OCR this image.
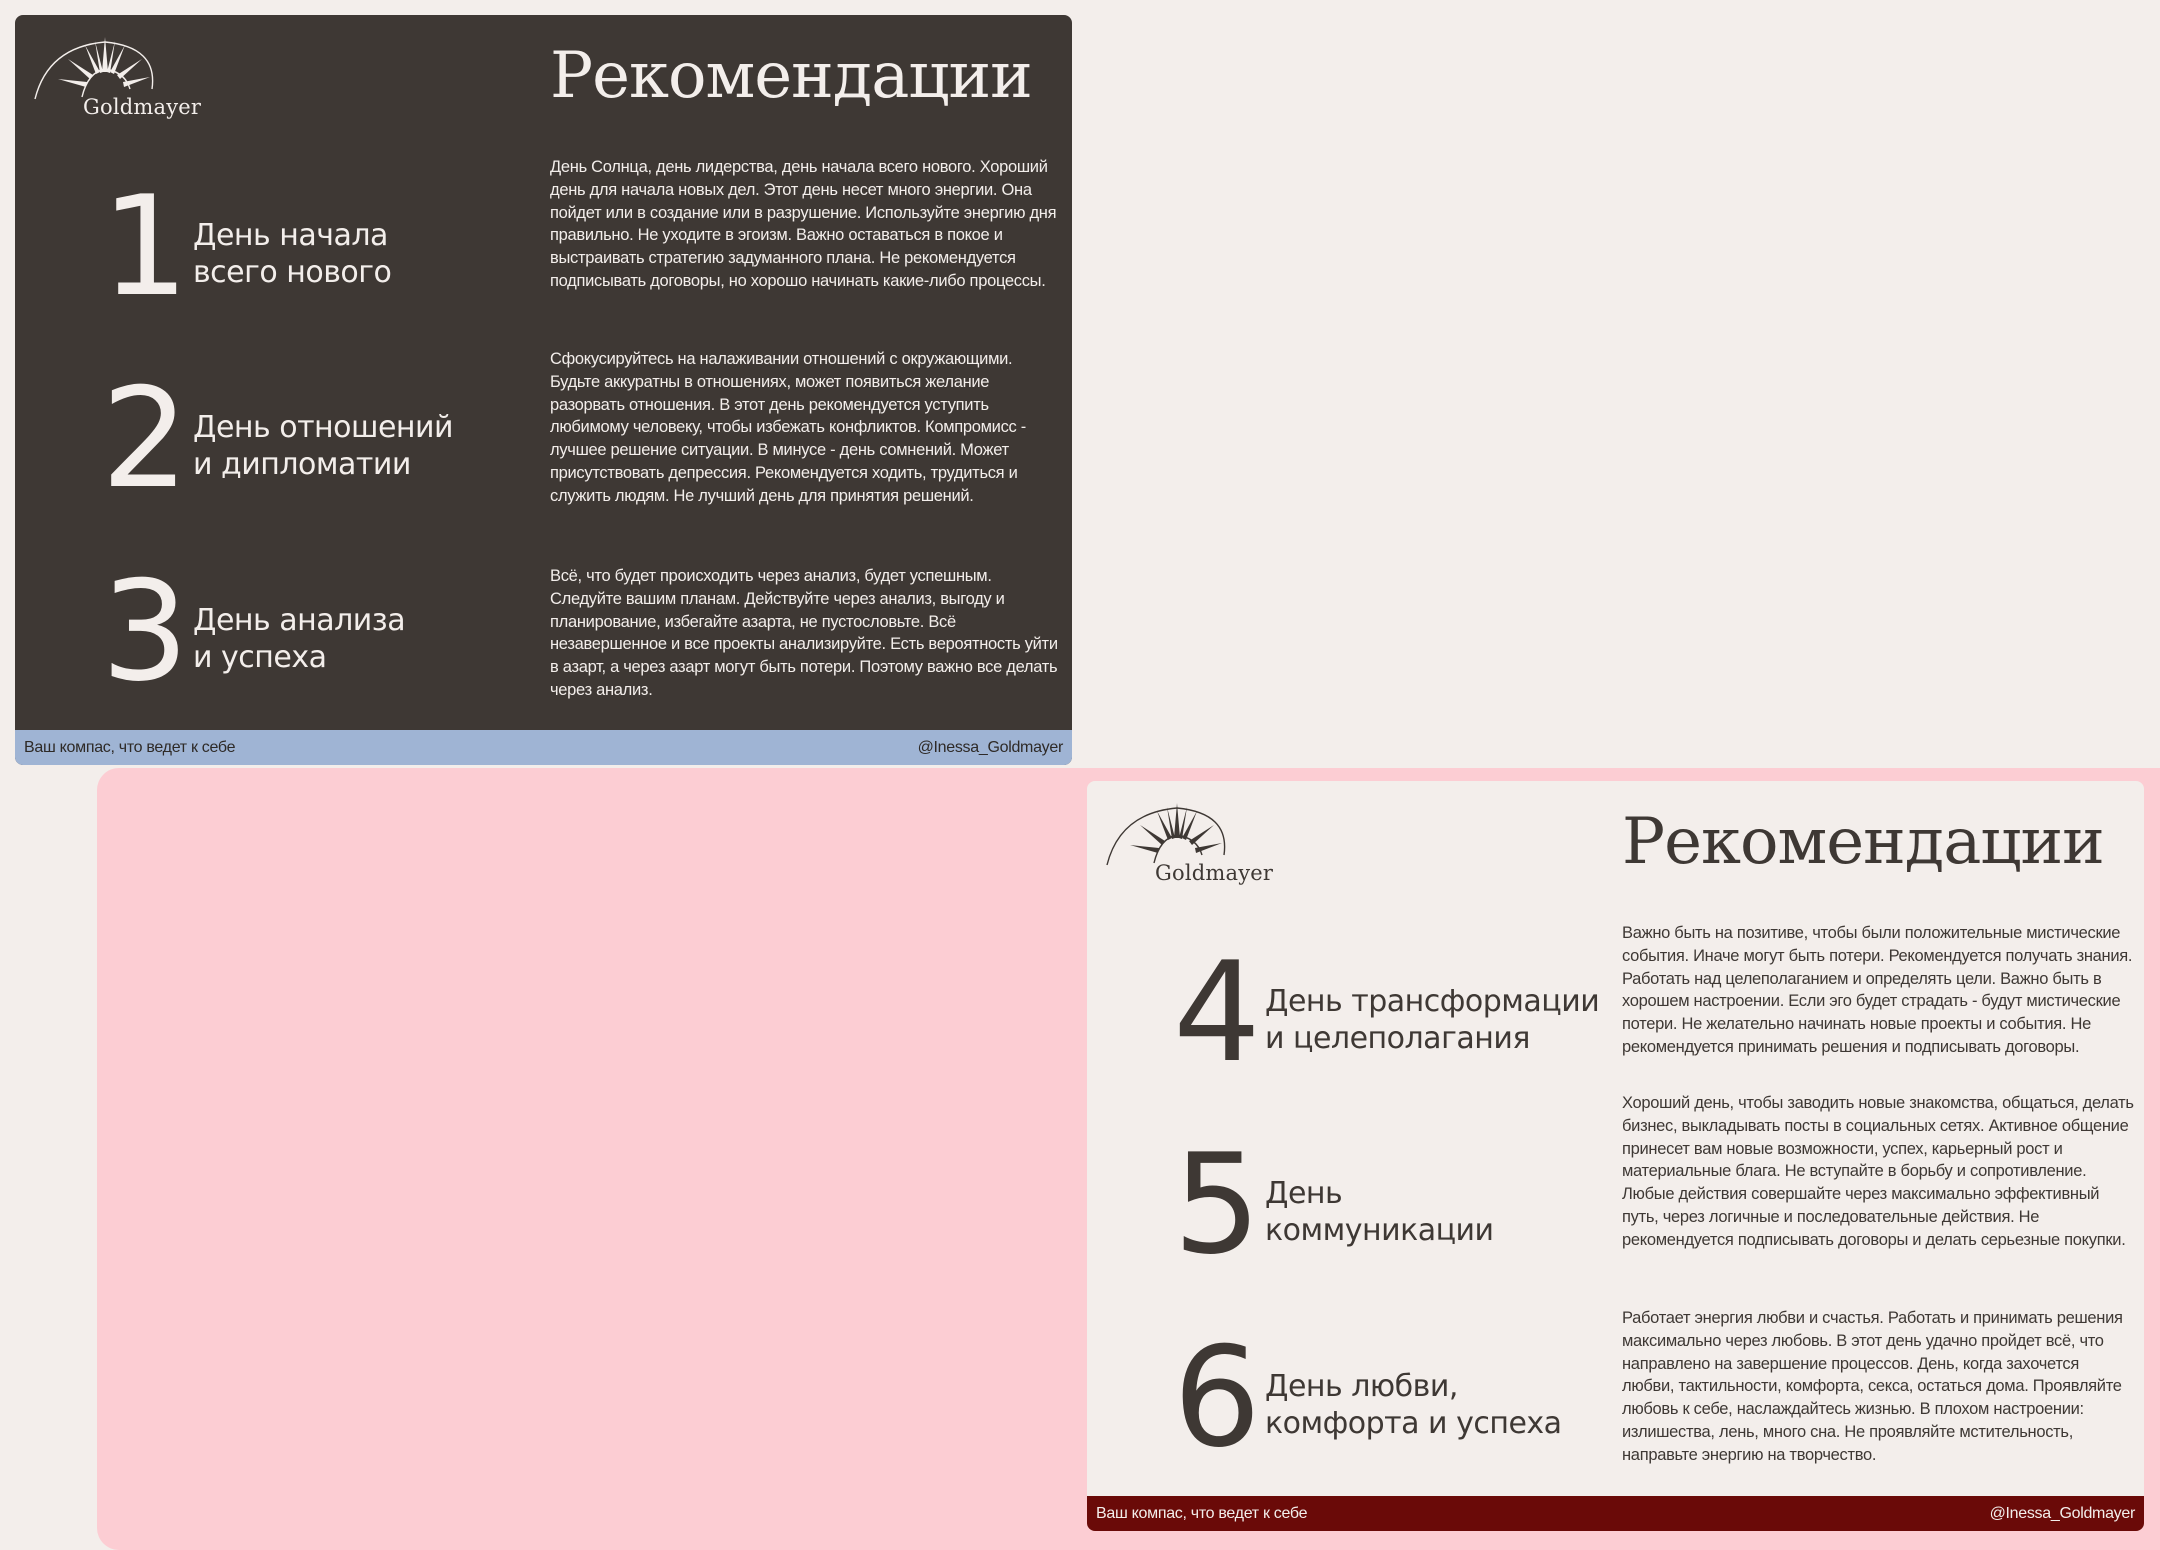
Goldmayer	Рекомендации
1 День начала
всего нового
День Солнца, день лидерства, день начала всего нового. Хороший день для начала новых дел. Этот день несет много энергии. Она пойдет или в создание или в разрушение. Используйте энергию дня правильно. Не уходите в эгоизм. Важно оставаться в покое и выстраивать стратегию задуманного плана. Не рекомендуется подписывать договоры, но хорошо начинать какие-либо процессы.
2 День отношений
и дипломатии
Сфокусируйтесь на налаживании отношений с окружающими. Будьте аккуратны в отношениях, может появиться желание разорвать отношения. В этот день рекомендуется уступить любимому человеку, чтобы избежать конфликтов. Компромисс - лучшее решение ситуации. В минусе - день сомнений. Может присутствовать депрессия. Рекомендуется ходить, трудиться и служить людям. Не лучший день для принятия решений.
3 День анализа
и успеха
Всё, что будет происходить через анализ, будет успешным. Следуйте вашим планам. Действуйте через анализ, выгоду и планирование, избегайте азарта, не пустословьте. Всё незавершенное и все проекты анализируйте. Есть вероятность уйти в азарт, а через азарт могут быть потери. Поэтому важно все делать через анализ.
Ваш компас, что ведет к себе	@Inessa_Goldmayer
Goldmayer	Рекомендации
4 День трансформации
и целеполагания
Важно быть на позитиве, чтобы были положительные мистические события. Иначе могут быть потери. Рекомендуется получать знания. Работать над целеполаганием и определять цели. Важно быть в хорошем настроении. Если эго будет страдать - будут мистические потери. Не желательно начинать новые проекты и события. Не рекомендуется принимать решения и подписывать договоры.
5 День
коммуникации
Хороший день, чтобы заводить новые знакомства, общаться, делать бизнес, выкладывать посты в социальных сетях. Активное общение принесет вам новые возможности, успех, карьерный рост и материальные блага. Не вступайте в борьбу и сопротивление. Любые действия совершайте через максимально эффективный путь, через логичные и последовательные действия. Не рекомендуется подписывать договоры и делать серьезные покупки.
6 День любви,
комфорта и успеха
Работает энергия любви и счастья. Работать и принимать решения максимально через любовь. В этот день удачно пройдет всё, что направлено на завершение процессов. День, когда захочется любви, тактильности, комфорта, секса, остаться дома. Проявляйте любовь к себе, наслаждайтесь жизнью. В плохом настроении: излишества, лень, много сна. Не проявляйте мстительность, направьте энергию на творчество.
Ваш компас, что ведет к себе	@Inessa_Goldmayer
